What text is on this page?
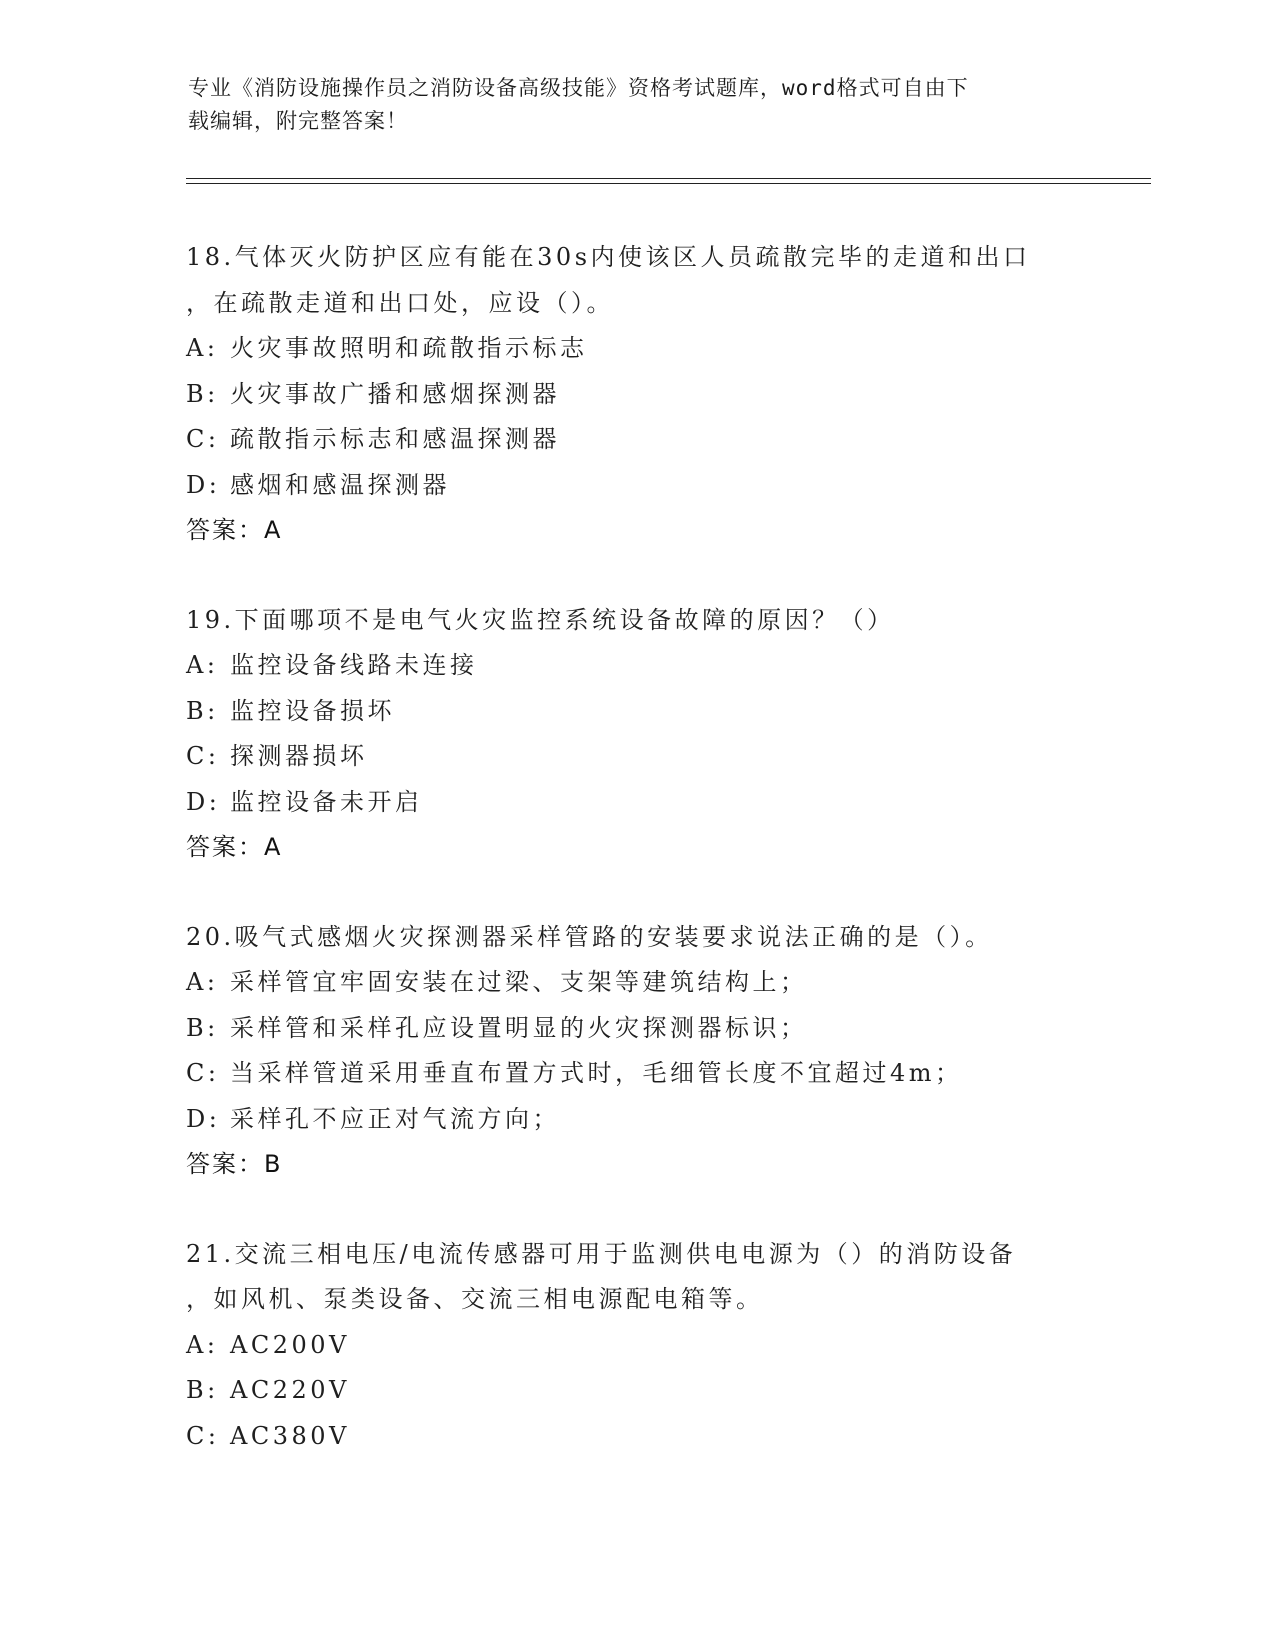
专业《消防设施操作员之消防设备高级技能》资格考试题库，word格式可自由下
载编辑，附完整答案！
18.气体灭火防护区应有能在30s内使该区人员疏散完毕的走道和出口
，在疏散走道和出口处，应设（）。
A: 火灾事故照明和疏散指示标志
B: 火灾事故广播和感烟探测器
C: 疏散指示标志和感温探测器
D: 感烟和感温探测器
答案：A
19.下面哪项不是电气火灾监控系统设备故障的原因？（）
A: 监控设备线路未连接
B: 监控设备损坏
C: 探测器损坏
D: 监控设备未开启
答案：A
20.吸气式感烟火灾探测器采样管路的安装要求说法正确的是（）。
A: 采样管宜牢固安装在过梁、支架等建筑结构上；
B: 采样管和采样孔应设置明显的火灾探测器标识；
C: 当采样管道采用垂直布置方式时，毛细管长度不宜超过4m；
D: 采样孔不应正对气流方向；
答案：B
21.交流三相电压/电流传感器可用于监测供电电源为（）的消防设备
，如风机、泵类设备、交流三相电源配电箱等。
A: AC200V
B: AC220V
C: AC380V
